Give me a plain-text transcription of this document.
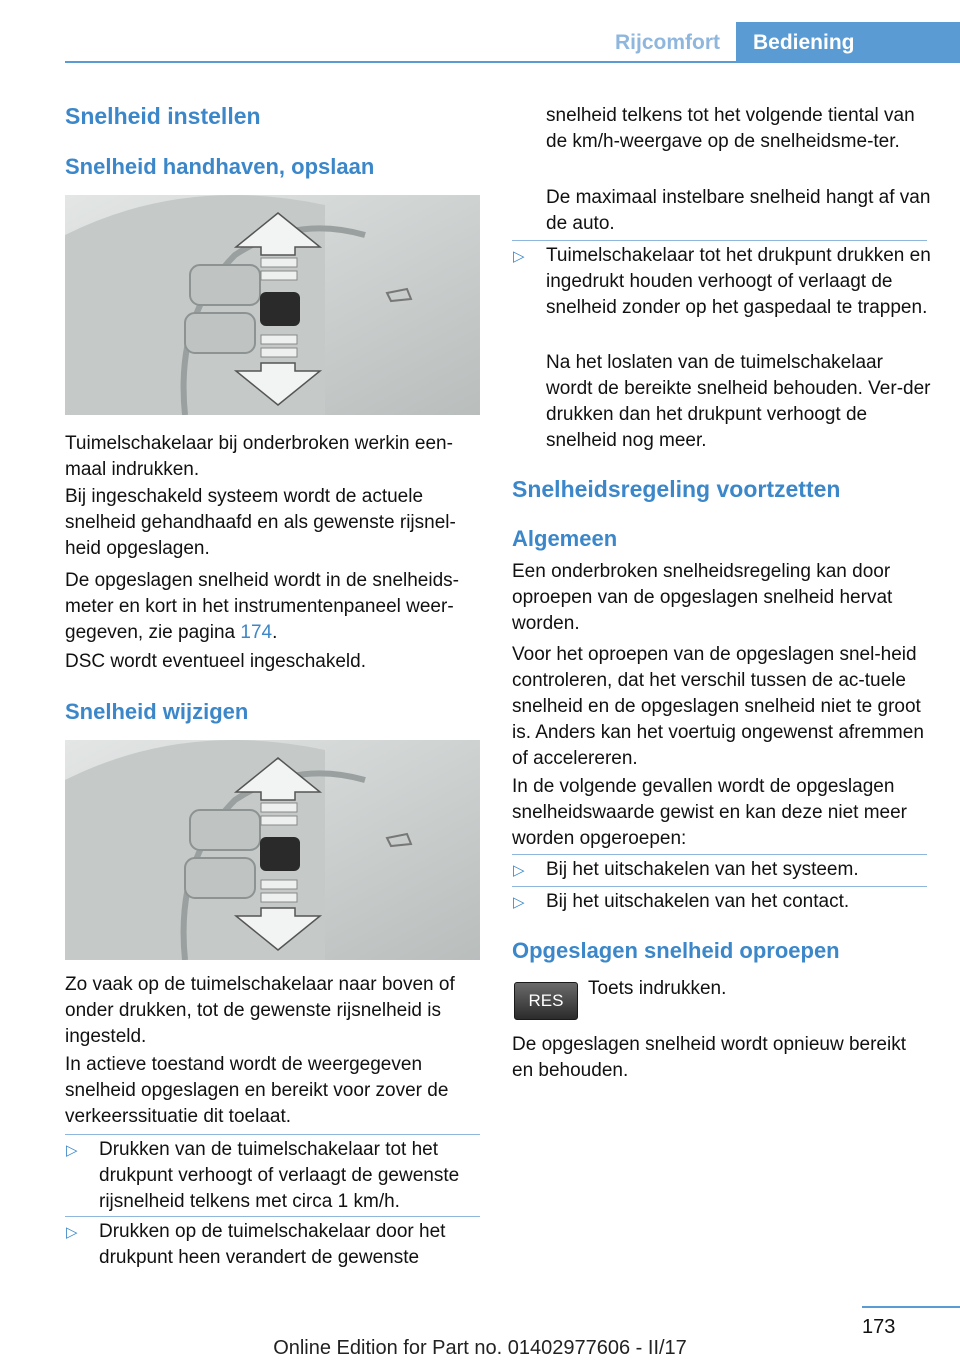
Rijcomfort	Bediening
Snelheid instellen
Snelheid handhaven, opslaan

Tuimelschakelaar bij onderbroken werkin een-maal indrukken.

Bij ingeschakeld systeem wordt de actuele snelheid gehandhaafd en als gewenste rijsnel-heid opgeslagen.

De opgeslagen snelheid wordt in de snelheids-meter en kort in het instrumentenpaneel weer-gegeven, zie pagina 174.

DSC wordt eventueel ingeschakeld.

Snelheid wijzigen

Zo vaak op de tuimelschakelaar naar boven of onder drukken, tot de gewenste rijsnelheid is ingesteld.

In actieve toestand wordt de weergegeven snelheid opgeslagen en bereikt voor zover de verkeerssituatie dit toelaat.

▷ Drukken van de tuimelschakelaar tot het drukpunt verhoogt of verlaagt de gewenste rijsnelheid telkens met circa 1 km/h.
▷ Drukken op de tuimelschakelaar door het drukpunt heen verandert de gewenste
snelheid telkens tot het volgende tiental van de km/h-weergave op de snelheidsme-ter.
De maximaal instelbare snelheid hangt af van de auto.
▷ Tuimelschakelaar tot het drukpunt drukken en ingedrukt houden verhoogt of verlaagt de snelheid zonder op het gaspedaal te trappen.
Na het loslaten van de tuimelschakelaar wordt de bereikte snelheid behouden. Ver-der drukken dan het drukpunt verhoogt de snelheid nog meer.
Snelheidsregeling voortzetten
Algemeen

Een onderbroken snelheidsregeling kan door oproepen van de opgeslagen snelheid hervat worden.

Voor het oproepen van de opgeslagen snel-heid controleren, dat het verschil tussen de ac-tuele snelheid en de opgeslagen snelheid niet te groot is. Anders kan het voertuig ongewenst afremmen of accelereren.

In de volgende gevallen wordt de opgeslagen snelheidswaarde gewist en kan deze niet meer worden opgeroepen:

▷ Bij het uitschakelen van het systeem.
▷ Bij het uitschakelen van het contact.
Opgeslagen snelheid oproepen
RES
Toets indrukken.

De opgeslagen snelheid wordt opnieuw bereikt en behouden.

173
Online Edition for Part no. 01402977606 - II/17
